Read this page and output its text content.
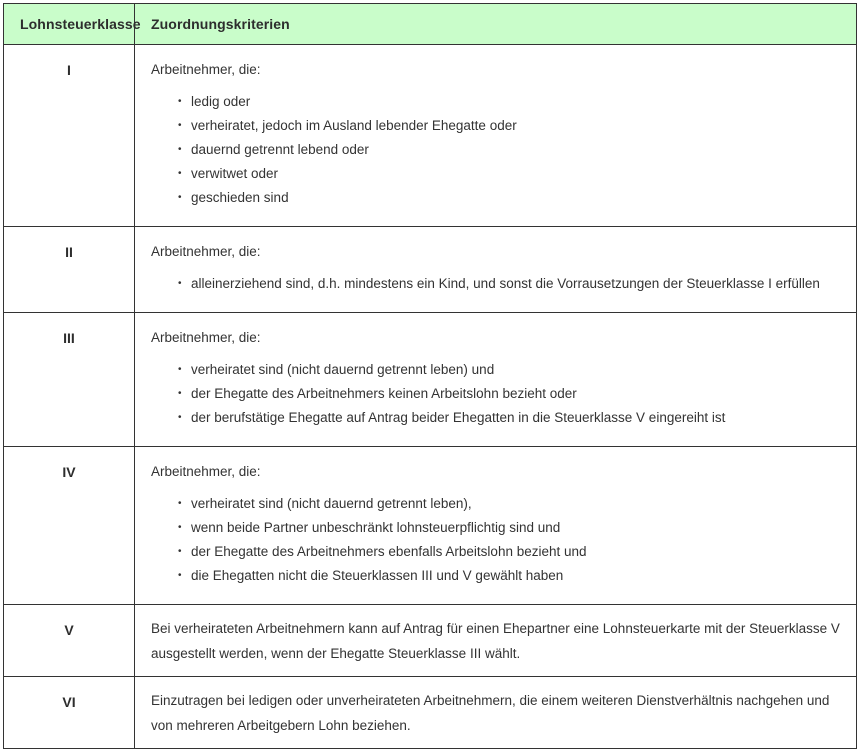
Lohnsteuerklasse	Zuordnungskriterien
I	Arbeitnehmer, die:

• ledig oder
• verheiratet, jedoch im Ausland lebender Ehegatte oder
• dauernd getrennt lebend oder
• verwitwet oder
• geschieden sind

II	Arbeitnehmer, die:

• alleinerziehend sind, d.h. mindestens ein Kind, und sonst die Vorrausetzungen der Steuerklasse I erfüllen

III	Arbeitnehmer, die:

• verheiratet sind (nicht dauernd getrennt leben) und
• der Ehegatte des Arbeitnehmers keinen Arbeitslohn bezieht oder
• der berufstätige Ehegatte auf Antrag beider Ehegatten in die Steuerklasse V eingereiht ist

IV	Arbeitnehmer, die:

• verheiratet sind (nicht dauernd getrennt leben),
• wenn beide Partner unbeschränkt lohnsteuerpflichtig sind und
• der Ehegatte des Arbeitnehmers ebenfalls Arbeitslohn bezieht und
• die Ehegatten nicht die Steuerklassen III und V gewählt haben

V	Bei verheirateten Arbeitnehmern kann auf Antrag für einen Ehepartner eine Lohnsteuerkarte mit der Steuerklasse V ausgestellt werden, wenn der Ehegatte Steuerklasse III wählt.

VI	Einzutragen bei ledigen oder unverheirateten Arbeitnehmern, die einem weiteren Dienstverhältnis nachgehen und von mehreren Arbeitgebern Lohn beziehen.
